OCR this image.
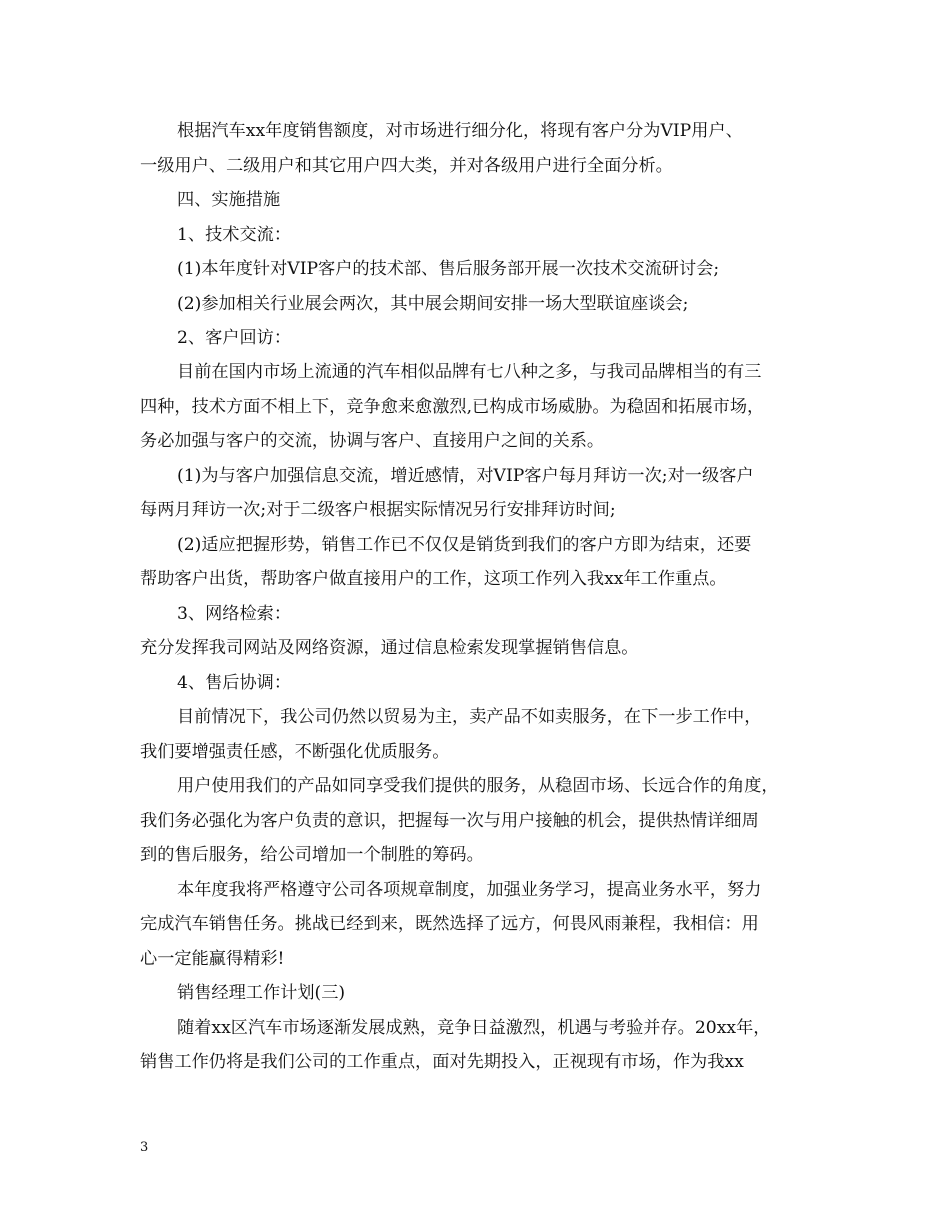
根据汽车xx年度销售额度，对市场进行细分化，将现有客户分为VIP用户、
一级用户、二级用户和其它用户四大类，并对各级用户进行全面分析。
四、实施措施
1、技术交流：
(1)本年度针对VIP客户的技术部、售后服务部开展一次技术交流研讨会;
(2)参加相关行业展会两次，其中展会期间安排一场大型联谊座谈会;
2、客户回访：
目前在国内市场上流通的汽车相似品牌有七八种之多，与我司品牌相当的有三
四种，技术方面不相上下，竞争愈来愈激烈,已构成市场威胁。为稳固和拓展市场，
务必加强与客户的交流，协调与客户、直接用户之间的关系。
(1)为与客户加强信息交流，增近感情，对VIP客户每月拜访一次;对一级客户
每两月拜访一次;对于二级客户根据实际情况另行安排拜访时间;
(2)适应把握形势，销售工作已不仅仅是销货到我们的客户方即为结束，还要
帮助客户出货，帮助客户做直接用户的工作，这项工作列入我xx年工作重点。
3、网络检索：
充分发挥我司网站及网络资源，通过信息检索发现掌握销售信息。
4、售后协调：
目前情况下，我公司仍然以贸易为主，卖产品不如卖服务，在下一步工作中，
我们要增强责任感，不断强化优质服务。
用户使用我们的产品如同享受我们提供的服务，从稳固市场、长远合作的角度，
我们务必强化为客户负责的意识，把握每一次与用户接触的机会，提供热情详细周
到的售后服务，给公司增加一个制胜的筹码。
本年度我将严格遵守公司各项规章制度，加强业务学习，提高业务水平，努力
完成汽车销售任务。挑战已经到来，既然选择了远方，何畏风雨兼程，我相信：用
心一定能赢得精彩!
销售经理工作计划(三)
随着xx区汽车市场逐渐发展成熟，竞争日益激烈，机遇与考验并存。20xx年，
销售工作仍将是我们公司的工作重点，面对先期投入，正视现有市场，作为我xx
3
